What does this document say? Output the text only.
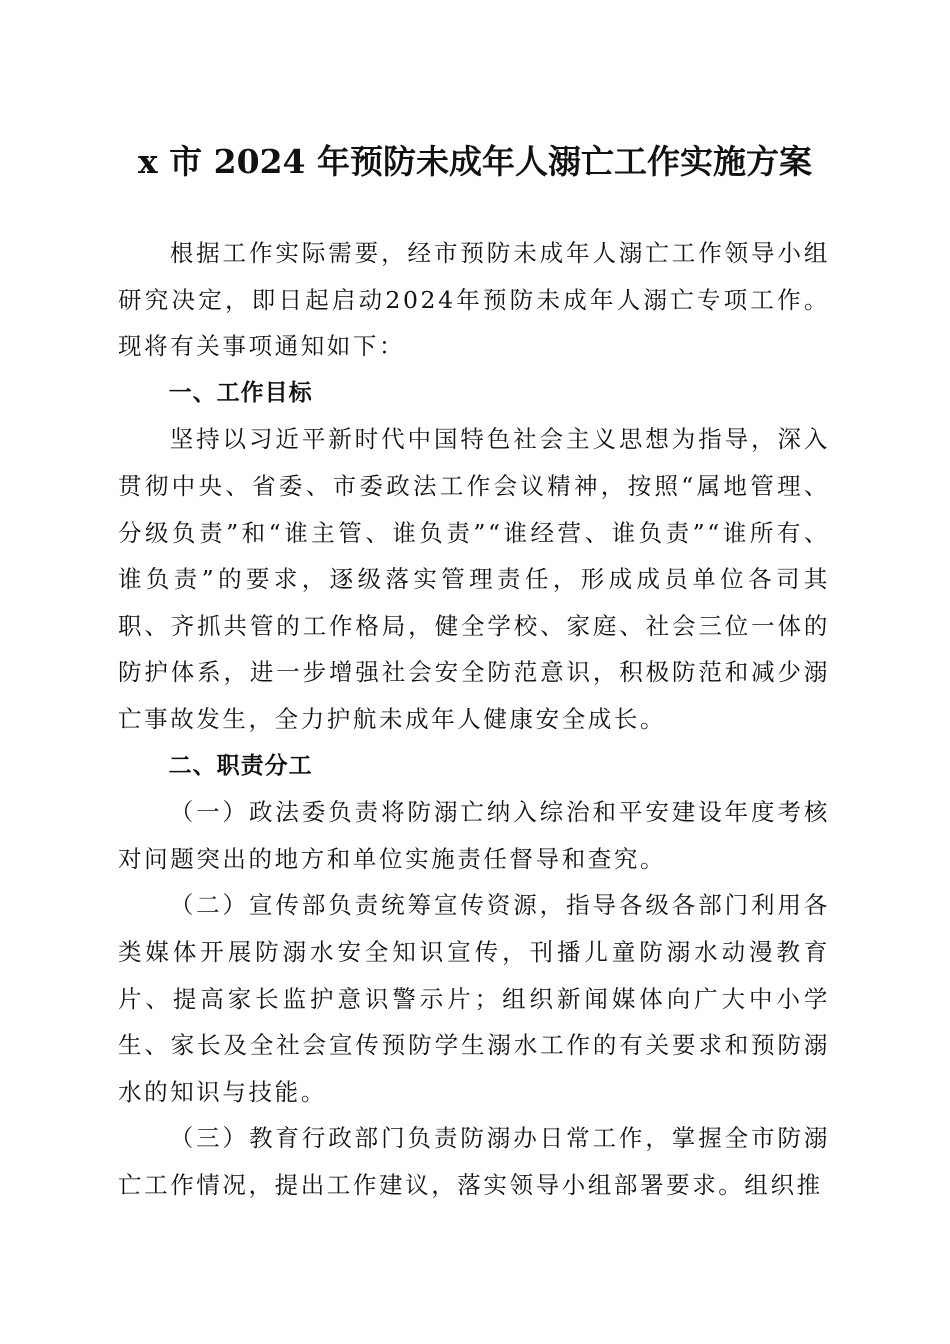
x 市 2024 年预防未成年人溺亡工作实施方案

根据工作实际需要，经市预防未成年人溺亡工作领导小组研究决定，即日起启动2024年预防未成年人溺亡专项工作。现将有关事项通知如下：

一、工作目标

坚持以习近平新时代中国特色社会主义思想为指导，深入贯彻中央、省委、市委政法工作会议精神，按照“属地管理、分级负责”和“谁主管、谁负责”“谁经营、谁负责”“谁所有、谁负责”的要求，逐级落实管理责任，形成成员单位各司其职、齐抓共管的工作格局，健全学校、家庭、社会三位一体的防护体系，进一步增强社会安全防范意识，积极防范和减少溺亡事故发生，全力护航未成年人健康安全成长。

二、职责分工

（一）政法委负责将防溺亡纳入综治和平安建设年度考核对问题突出的地方和单位实施责任督导和查究。

（二）宣传部负责统筹宣传资源，指导各级各部门利用各类媒体开展防溺水安全知识宣传，刊播儿童防溺水动漫教育片、提高家长监护意识警示片；组织新闻媒体向广大中小学生、家长及全社会宣传预防学生溺水工作的有关要求和预防溺水的知识与技能。

（三）教育行政部门负责防溺办日常工作，掌握全市防溺亡工作情况，提出工作建议，落实领导小组部署要求。组织推
